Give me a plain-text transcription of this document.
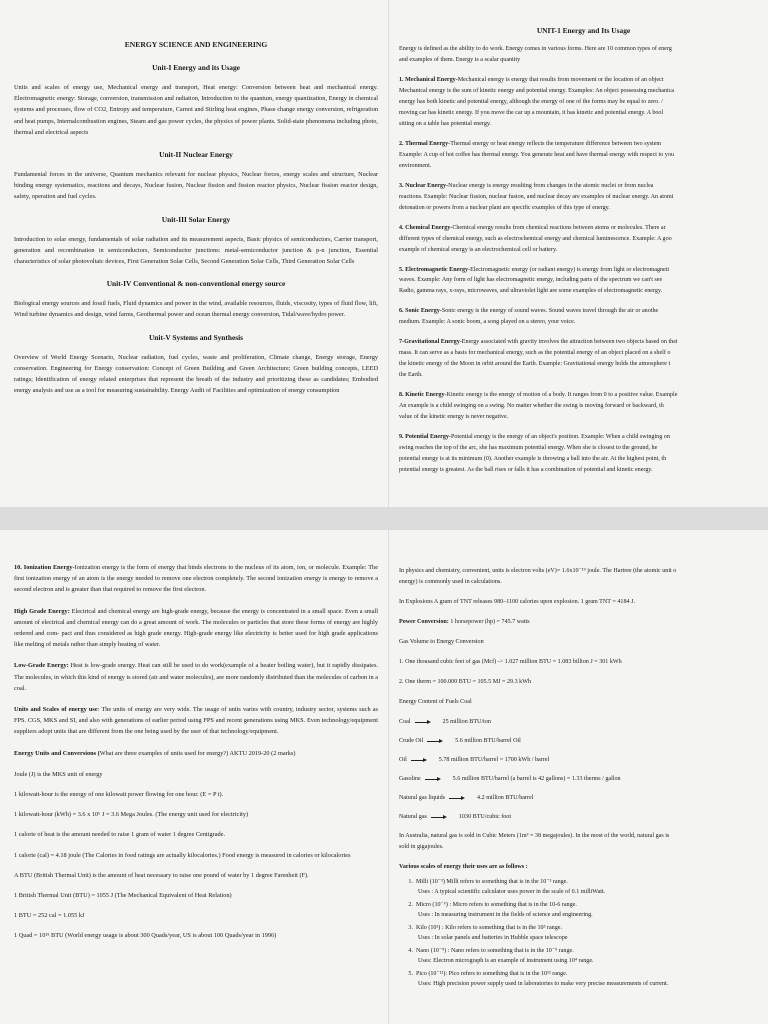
ENERGY SCIENCE AND ENGINEERING
Unit-I Energy and its Usage
Units and scales of energy use, Mechanical energy and transport, Heat energy: Conversion between heat and mechanical energy. Electromagnetic energy: Storage, conversion, transmission and radiation, Introduction to the quantum, energy quantization, Energy in chemical systems and processes, flow of CO2, Entropy and temperature, Carnot and Stirling heat engines, Phase change energy conversion, refrigeration and heat pumps, Internalcombustion engines, Steam and gas power cycles, the physics of power plants. Solid-state phenomena including photo, thermal and electrical aspects
Unit-II Nuclear Energy
Fundamental forces in the universe, Quantum mechanics relevant for nuclear physics, Nuclear forces, energy scales and structure, Nuclear binding energy systematics, reactions and decays, Nuclear fusion, Nuclear fission and fission reactor physics, Nuclear fission reactor design, safety, operation and fuel cycles.
Unit-III Solar Energy
Introduction to solar energy, fundamentals of solar radiation and its measurement aspects, Basic physics of semiconductors, Carrier transport, generation and recombination in semiconductors, Semiconductor junctions: metal-semiconductor junction & p-n junction, Essential characteristics of solar photovoltaic devices, First Generation Solar Cells, Second Generation Solar Cells, Third Generation Solar Cells
Unit-IV Conventional & non-conventional energy source
Biological energy sources and fossil fuels, Fluid dynamics and power in the wind, available resources, fluids, viscosity, types of fluid flow, lift, Wind turbine dynamics and design, wind farms, Geothermal power and ocean thermal energy conversion, Tidal/wave/hydro power.
Unit-V Systems and Synthesis
Overview of World Energy Scenario, Nuclear radiation, fuel cycles, waste and proliferation, Climate change, Energy storage, Energy conservation. Engineering for Energy conservation: Concept of Green Building and Green Architecture; Green building concepts, LEED ratings; Identification of energy related enterprises that represent the breath of the industry and prioritizing these as candidates; Embodied energy analysis and use as a tool for measuring sustainability. Energy Audit of Facilities and optimization of energy consumption
UNIT-1 Energy and Its Usage
Energy is defined as the ability to do work. Energy comes in various forms. Here are 10 common types of energ
and examples of them. Energy is a scalar quantity
1. Mechanical Energy-Mechanical energy is energy that results from movement or the location of an object
Mechanical energy is the sum of kinetic energy and potential energy. Examples: An object possessing mechanica
energy has both kinetic and potential energy, although the energy of one of the forms may be equal to zero. /
moving car has kinetic energy. If you move the car up a mountain, it has kinetic and potential energy. A bool
sitting on a table has potential energy.
2. Thermal Energy-Thermal energy or heat energy reflects the temperature difference between two system
Example: A cup of hot coffee has thermal energy. You generate heat and have thermal energy with respect to you
environment.
3. Nuclear Energy-Nuclear energy is energy resulting from changes in the atomic nuclei or from nuclea
reactions. Example: Nuclear fission, nuclear fusion, and nuclear decay are examples of nuclear energy. An atomi
detonation or powers from a nuclear plant are specific examples of this type of energy.
4. Chemical Energy-Chemical energy results from chemical reactions between atoms or molecules. There ar
different types of chemical energy, such as electrochemical energy and chemical luminescence. Example: A goo
example of chemical energy is an electrochemical cell or battery.
5. Electromagnetic Energy-Electromagnetic energy (or radiant energy) is energy from light or electromagneti
waves. Example: Any form of light has electromagnetic energy, including parts of the spectrum we can't see
Radio, gamma rays, x-rays, microwaves, and ultraviolet light are some examples of electromagnetic energy.
6. Sonic Energy-Sonic energy is the energy of sound waves. Sound waves travel through the air or anothe
medium. Example: A sonic boom, a song played on a stereo, your voice.
7-Gravitational Energy-Energy associated with gravity involves the attraction between two objects based on thei
mass. It can serve as a basis for mechanical energy, such as the potential energy of an object placed on a shelf o
the kinetic energy of the Moon in orbit around the Earth. Example: Gravitational energy holds the atmosphere t
the Earth.
8. Kinetic Energy-Kinetic energy is the energy of motion of a body. It ranges from 0 to a positive value. Example
An example is a child swinging on a swing. No matter whether the swing is moving forward or backward, th
value of the kinetic energy is never negative.
9. Potential Energy-Potential energy is the energy of an object's position. Example: When a child swinging on
swing reaches the top of the arc, she has maximum potential energy. When she is closest to the ground, he
potential energy is at its minimum (0). Another example is throwing a ball into the air. At the highest point, th
potential energy is greatest. As the ball rises or falls it has a combination of potential and kinetic energy.
10. Ionization Energy-Ionization energy is the form of energy that binds electrons to the nucleus of its atom, ion, or molecule. Example: The first ionization energy of an atom is the energy needed to remove one electron completely. The second ionization energy is energy to remove a second electron and is greater than that required to remove the first electron.
High Grade Energy: Electrical and chemical energy are high-grade energy, because the energy is concentrated in a small space. Even a small amount of electrical and chemical energy can do a great amount of work. The molecules or particles that store these forms of energy are highly ordered and com- pact and thus considered as high grade energy. High-grade energy like electricity is better used for high grade applications like melting of metals rather than simply heating of water.
Low-Grade Energy: Heat is low-grade energy. Heat can still be used to do work(example of a heater boiling water), but it rapidly dissipates. The molecules, in which this kind of energy is stored (air and water molecules), are more randomly distributed than the molecules of carbon in a coal.
Units and Scales of energy use: The units of energy are very wide. The usage of units varies with country, industry sector, systems such as FPS. CGS, MKS and SI, and also with generations of earlier period using FPS and recent generations using MKS. Even technology/equipment suppliers adopt units that are different from the one being used by the user of that technology/equipment.
Energy Units and Conversions (What are three examples of units used for energy?) AKTU 2019-20 (2 marks)
Joule (J) is the MKS unit of energy
1 kilowatt-hour is the energy of one kilowatt power flowing for one hour. (E = P t).
1 kilowatt-hour (kWh) = 3.6 x 10⁶ J = 3.6 Mega Joules. (The energy unit used for electricity)
1 calorie of heat is the amount needed to raise 1 gram of water 1 degree Centigrade.
1 calorie (cal) = 4.18 joule (The Calories in food ratings are actually kilocalories.) Food energy is measured in calories or kilocalories
A BTU (British Thermal Unit) is the amount of heat necessary to raise one pound of water by 1 degree Farenheit (F).
1 British Thermal Unit (BTU) = 1055 J (The Mechanical Equivalent of Heat Relation)
1 BTU = 252 cal = 1.055 kJ
1 Quad = 10¹⁵ BTU (World energy usage is about 300 Quads/year, US is about 100 Quads/year in 1996)
In physics and chemistry, convenient, units is electron volts (eV)= 1.6x10⁻¹⁹ joule. The Hartree (the atomic unit o
energy) is commonly used in calculations.
In Explosions A gram of TNT releases 980–1100 calories upon explosion. 1 gram TNT = 4184 J.
Power Conversion: 1 horsepower (hp) = 745.7 watts
Gas Volume to Energy Conversion
1. One thousand cubic feet of gas (Mcf) -> 1.027 million BTU = 1.083 billion J = 301 kWh
2. One therm = 100.000 BTU = 105.5 MJ = 29.3 kWh
Energy Content of Fuels Coal
Coal	25 million BTU/ton
Crude Oil	5.6 million BTU/barrel Oil
Oil	5.78 million BTU/barrel = 1700 kWh / barrel
Gasoline	5.6 million BTU/barrel (a barrel is 42 gallons) = 1.33 therms / gallon
Natural gas liquids	4.2 million BTU/barrel
Natural gas	1030 BTU/cubic foot
In Australia, natural gas is sold in Cubic Meters (1m³ = 38 megajoules). In the most of the world, natural gas is
sold in gigajoules.
Various scales of energy their uses are as follows :
1. Milli (10⁻³) Milli refers to something that is in the 10⁻³ range.
Uses : A typical scientific calculator uses power in the scale of 0.1 milliWatt.
2. Micro (10⁻⁶) : Micro refers to something that is in the 10-6 range.
Uses : In measuring instrument in the fields of science and engineering.
3. Kilo (10³) : Kilo refers to something that is in the 10³ range.
Uses : In solar panels and batteries in Hubble space telescope
4. Nano (10⁻⁹) : Nano refers to something that is in the 10⁻⁹ range.
Uses: Electron micrograph is an example of instrument using 10⁴ range.
5. Pico (10⁻¹²): Pico refers to something that is in the 10¹² range.
Uses: High precision power supply used in laboratories to make very precise measurements of current.
